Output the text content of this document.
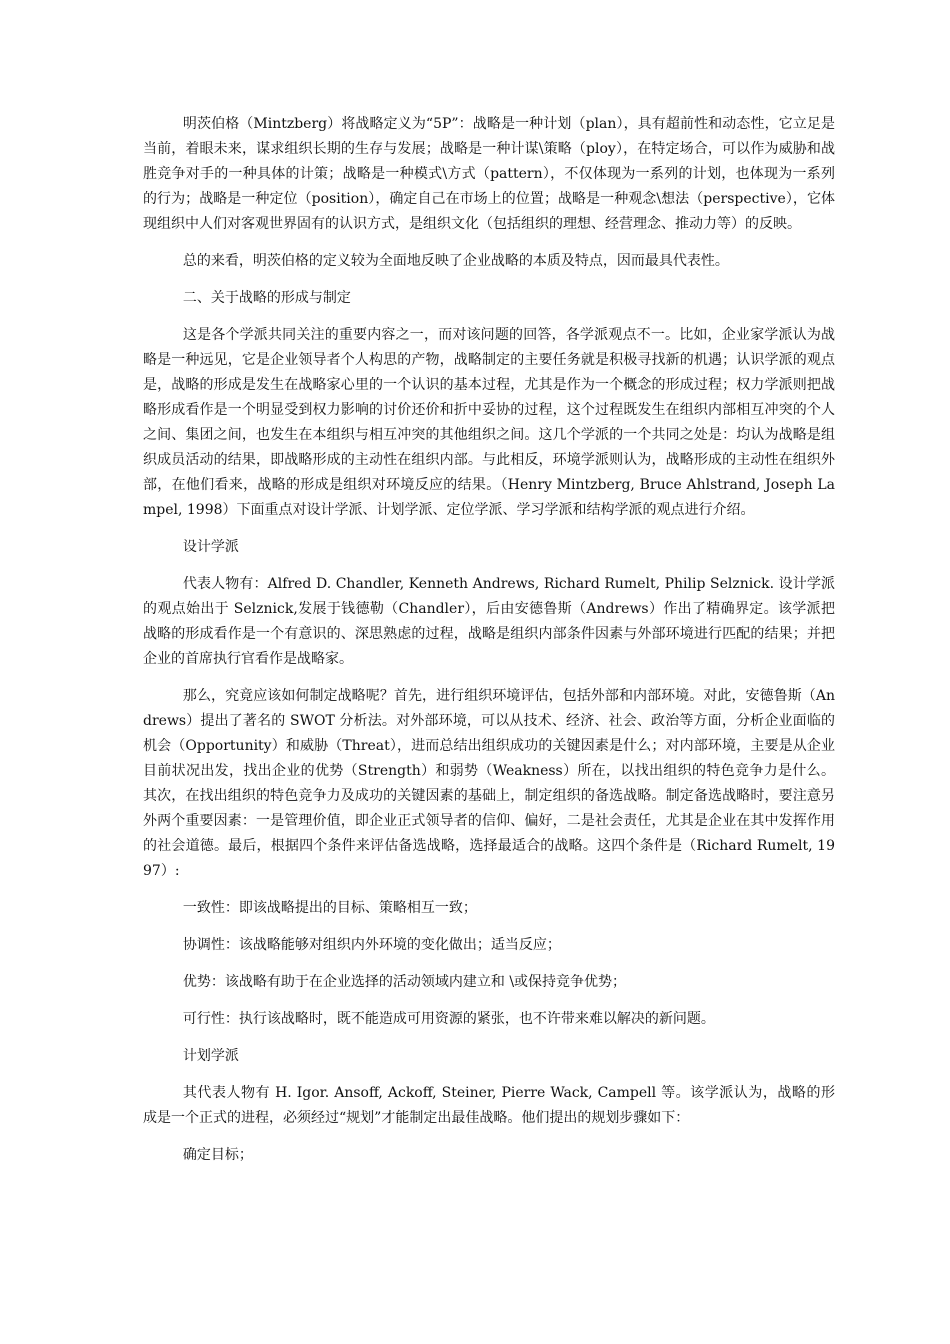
明茨伯格（Mintzberg）将战略定义为“5P”：战略是一种计划（plan），具有超前性和动态性，它立足是当前，着眼未来，谋求组织长期的生存与发展；战略是一种计谋\策略（ploy），在特定场合，可以作为威胁和战胜竞争对手的一种具体的计策；战略是一种模式\方式（pattern），不仅体现为一系列的计划，也体现为一系列的行为；战略是一种定位（position），确定自己在市场上的位置；战略是一种观念\想法（perspective），它体现组织中人们对客观世界固有的认识方式，是组织文化（包括组织的理想、经营理念、推动力等）的反映。

总的来看，明茨伯格的定义较为全面地反映了企业战略的本质及特点，因而最具代表性。

二、关于战略的形成与制定

这是各个学派共同关注的重要内容之一，而对该问题的回答，各学派观点不一。比如，企业家学派认为战略是一种远见，它是企业领导者个人构思的产物，战略制定的主要任务就是积极寻找新的机遇；认识学派的观点是，战略的形成是发生在战略家心里的一个认识的基本过程，尤其是作为一个概念的形成过程；权力学派则把战略形成看作是一个明显受到权力影响的讨价还价和折中妥协的过程，这个过程既发生在组织内部相互冲突的个人之间、集团之间，也发生在本组织与相互冲突的其他组织之间。这几个学派的一个共同之处是：均认为战略是组织成员活动的结果，即战略形成的主动性在组织内部。与此相反，环境学派则认为，战略形成的主动性在组织外部，在他们看来，战略的形成是组织对环境反应的结果。（Henry Mintzberg, Bruce Ahlstrand, Joseph Lampel, 1998）下面重点对设计学派、计划学派、定位学派、学习学派和结构学派的观点进行介绍。

设计学派

代表人物有：Alfred D. Chandler, Kenneth Andrews, Richard Rumelt, Philip Selznick. 设计学派的观点始出于 Selznick,发展于钱德勒（Chandler），后由安德鲁斯（Andrews）作出了精确界定。该学派把战略的形成看作是一个有意识的、深思熟虑的过程，战略是组织内部条件因素与外部环境进行匹配的结果；并把企业的首席执行官看作是战略家。

那么，究竟应该如何制定战略呢？首先，进行组织环境评估，包括外部和内部环境。对此，安德鲁斯（Andrews）提出了著名的 SWOT 分析法。对外部环境，可以从技术、经济、社会、政治等方面，分析企业面临的机会（Opportunity）和威胁（Threat），进而总结出组织成功的关键因素是什么；对内部环境，主要是从企业目前状况出发，找出企业的优势（Strength）和弱势（Weakness）所在，以找出组织的特色竞争力是什么。其次，在找出组织的特色竞争力及成功的关键因素的基础上，制定组织的备选战略。制定备选战略时，要注意另外两个重要因素：一是管理价值，即企业正式领导者的信仰、偏好，二是社会责任，尤其是企业在其中发挥作用的社会道德。最后，根据四个条件来评估备选战略，选择最适合的战略。这四个条件是（Richard Rumelt, 1997）:

一致性：即该战略提出的目标、策略相互一致；

协调性：该战略能够对组织内外环境的变化做出；适当反应；

优势：该战略有助于在企业选择的活动领域内建立和 \或保持竞争优势；

可行性：执行该战略时，既不能造成可用资源的紧张，也不许带来难以解决的新问题。

计划学派

其代表人物有 H. Igor. Ansoff, Ackoff, Steiner, Pierre Wack, Campell 等。该学派认为，战略的形成是一个正式的进程，必须经过“规划”才能制定出最佳战略。他们提出的规划步骤如下：

确定目标；
